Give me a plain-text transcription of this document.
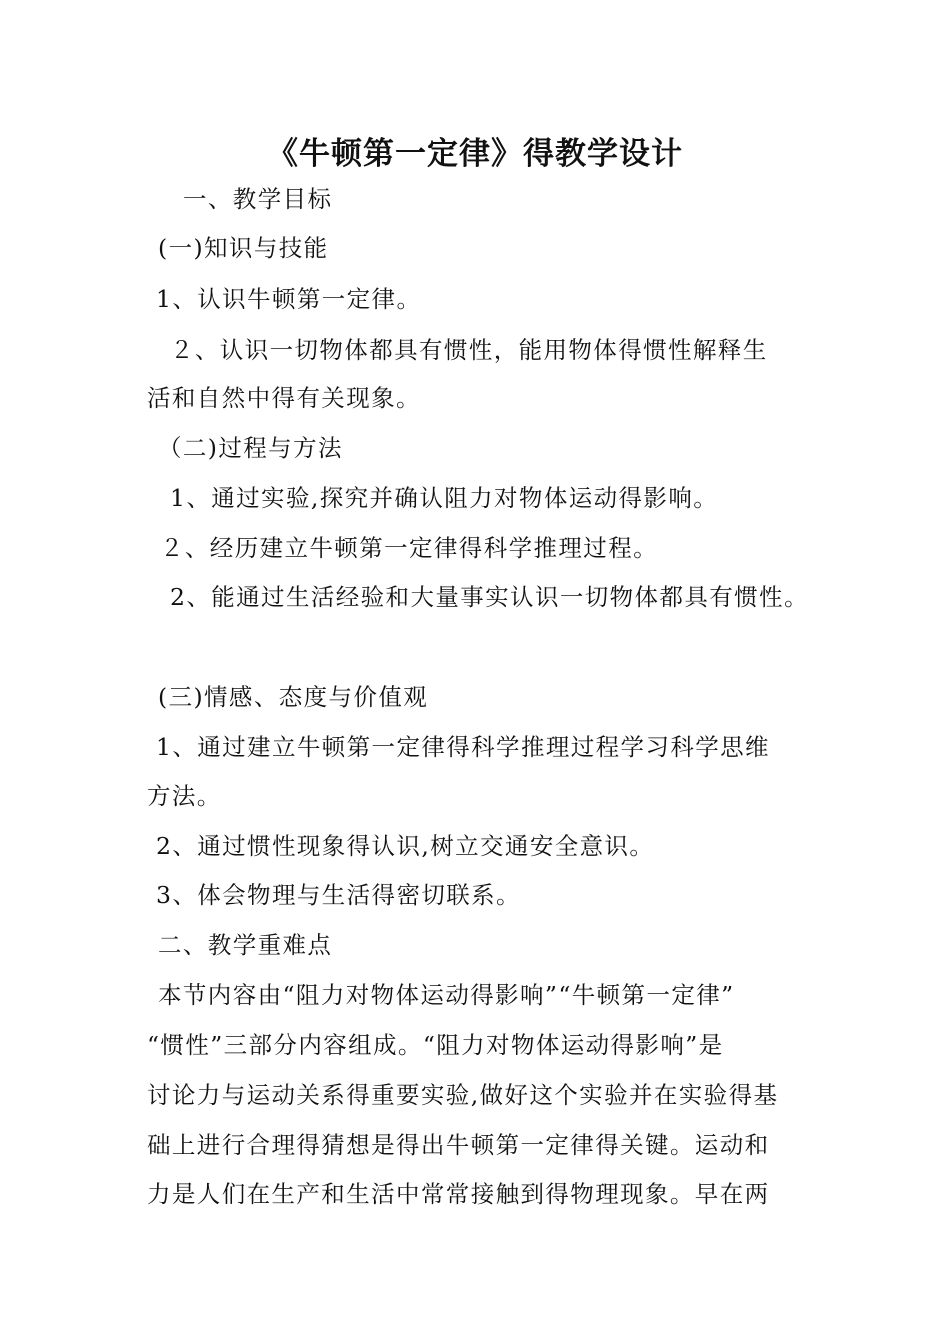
《牛顿第一定律》得教学设计
一、教学目标
(一)知识与技能
1、认识牛顿第一定律。
２、认识一切物体都具有惯性，能用物体得惯性解释生
活和自然中得有关现象。
（二)过程与方法
1、通过实验,探究并确认阻力对物体运动得影响。
２、经历建立牛顿第一定律得科学推理过程。
2、能通过生活经验和大量事实认识一切物体都具有惯性。
(三)情感、态度与价值观
1、通过建立牛顿第一定律得科学推理过程学习科学思维
方法。
2、通过惯性现象得认识,树立交通安全意识。
3、体会物理与生活得密切联系。
二、教学重难点
本节内容由“阻力对物体运动得影响”“牛顿第一定律”
“惯性”三部分内容组成。“阻力对物体运动得影响”是
讨论力与运动关系得重要实验,做好这个实验并在实验得基
础上进行合理得猜想是得出牛顿第一定律得关键。运动和
力是人们在生产和生活中常常接触到得物理现象。早在两
